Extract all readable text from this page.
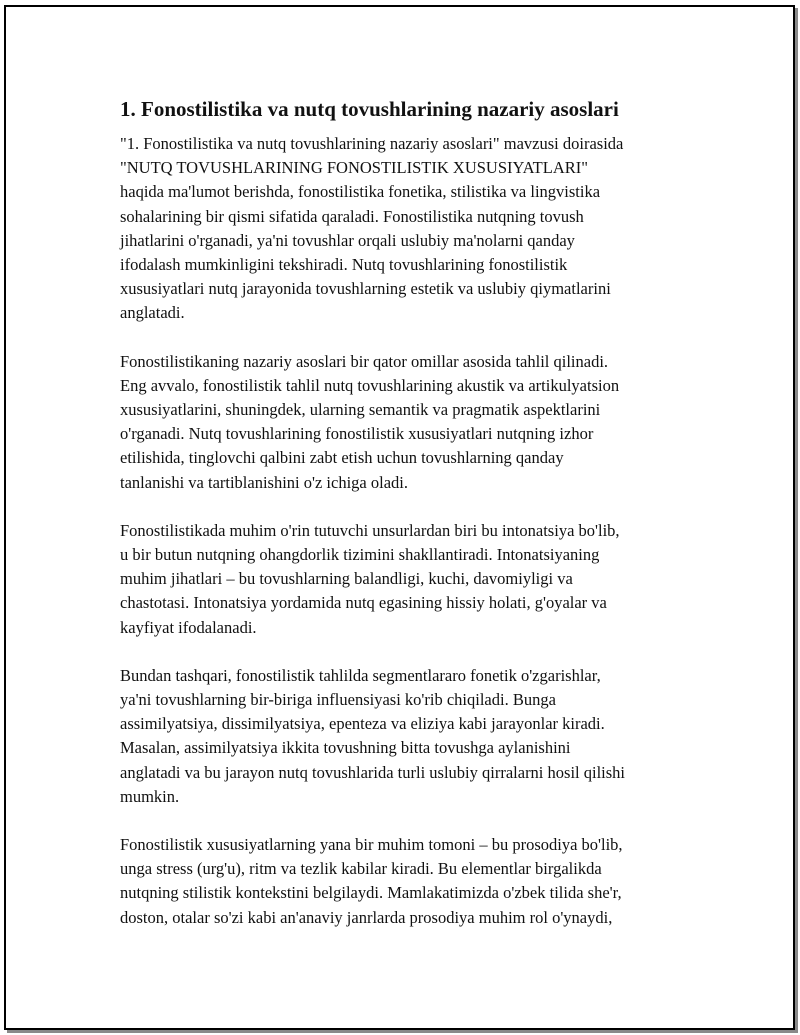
1. Fonostilistika va nutq tovushlarining nazariy asoslari

"1. Fonostilistika va nutq tovushlarining nazariy asoslari" mavzusi doirasida
"NUTQ TOVUSHLARINING FONOSTILISTIK XUSUSIYATLARI"
haqida ma'lumot berishda, fonostilistika fonetika, stilistika va lingvistika
sohalarining bir qismi sifatida qaraladi. Fonostilistika nutqning tovush
jihatlarini o'rganadi, ya'ni tovushlar orqali uslubiy ma'nolarni qanday
ifodalash mumkinligini tekshiradi. Nutq tovushlarining fonostilistik
xususiyatlari nutq jarayonida tovushlarning estetik va uslubiy qiymatlarini
anglatadi.

Fonostilistikaning nazariy asoslari bir qator omillar asosida tahlil qilinadi.
Eng avvalo, fonostilistik tahlil nutq tovushlarining akustik va artikulyatsion
xususiyatlarini, shuningdek, ularning semantik va pragmatik aspektlarini
o'rganadi. Nutq tovushlarining fonostilistik xususiyatlari nutqning izhor
etilishida, tinglovchi qalbini zabt etish uchun tovushlarning qanday
tanlanishi va tartiblanishini o'z ichiga oladi.

Fonostilistikada muhim o'rin tutuvchi unsurlardan biri bu intonatsiya bo'lib,
u bir butun nutqning ohangdorlik tizimini shakllantiradi. Intonatsiyaning
muhim jihatlari – bu tovushlarning balandligi, kuchi, davomiyligi va
chastotasi. Intonatsiya yordamida nutq egasining hissiy holati, g'oyalar va
kayfiyat ifodalanadi.

Bundan tashqari, fonostilistik tahlilda segmentlararo fonetik o'zgarishlar,
ya'ni tovushlarning bir-biriga influensiyasi ko'rib chiqiladi. Bunga
assimilyatsiya, dissimilyatsiya, epenteza va eliziya kabi jarayonlar kiradi.
Masalan, assimilyatsiya ikkita tovushning bitta tovushga aylanishini
anglatadi va bu jarayon nutq tovushlarida turli uslubiy qirralarni hosil qilishi
mumkin.

Fonostilistik xususiyatlarning yana bir muhim tomoni – bu prosodiya bo'lib,
unga stress (urg'u), ritm va tezlik kabilar kiradi. Bu elementlar birgalikda
nutqning stilistik kontekstini belgilaydi. Mamlakatimizda o'zbek tilida she'r,
doston, otalar so'zi kabi an'anaviy janrlarda prosodiya muhim rol o'ynaydi,
